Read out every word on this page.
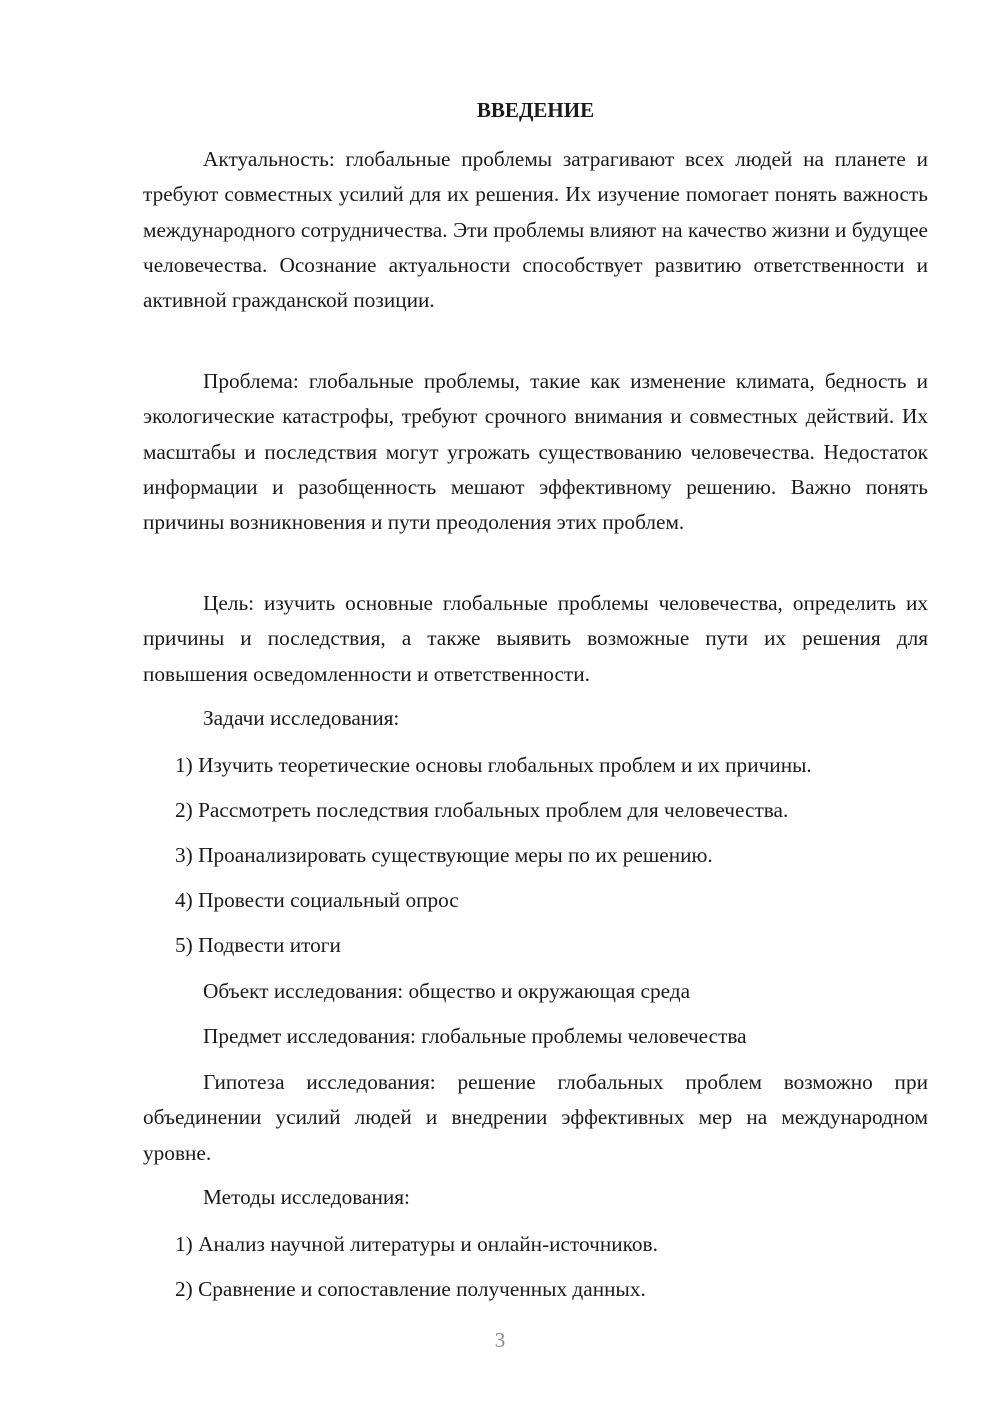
ВВЕДЕНИЕ

Актуальность: глобальные проблемы затрагивают всех людей на планете и требуют совместных усилий для их решения. Их изучение помогает понять важность международного сотрудничества. Эти проблемы влияют на качество жизни и будущее человечества. Осознание актуальности способствует развитию ответственности и активной гражданской позиции.

Проблема: глобальные проблемы, такие как изменение климата, бедность и экологические катастрофы, требуют срочного внимания и совместных действий. Их масштабы и последствия могут угрожать существованию человечества. Недостаток информации и разобщенность мешают эффективному решению. Важно понять причины возникновения и пути преодоления этих проблем.

Цель: изучить основные глобальные проблемы человечества, определить их причины и последствия, а также выявить возможные пути их решения для повышения осведомленности и ответственности.

Задачи исследования:

1) Изучить теоретические основы глобальных проблем и их причины.

2) Рассмотреть последствия глобальных проблем для человечества.

3) Проанализировать существующие меры по их решению.

4) Провести социальный опрос

5) Подвести итоги

Объект исследования: общество и окружающая среда

Предмет исследования: глобальные проблемы человечества

Гипотеза исследования: решение глобальных проблем возможно при объединении усилий людей и внедрении эффективных мер на международном уровне.

Методы исследования:

1) Анализ научной литературы и онлайн-источников.

2) Сравнение и сопоставление полученных данных.

3
